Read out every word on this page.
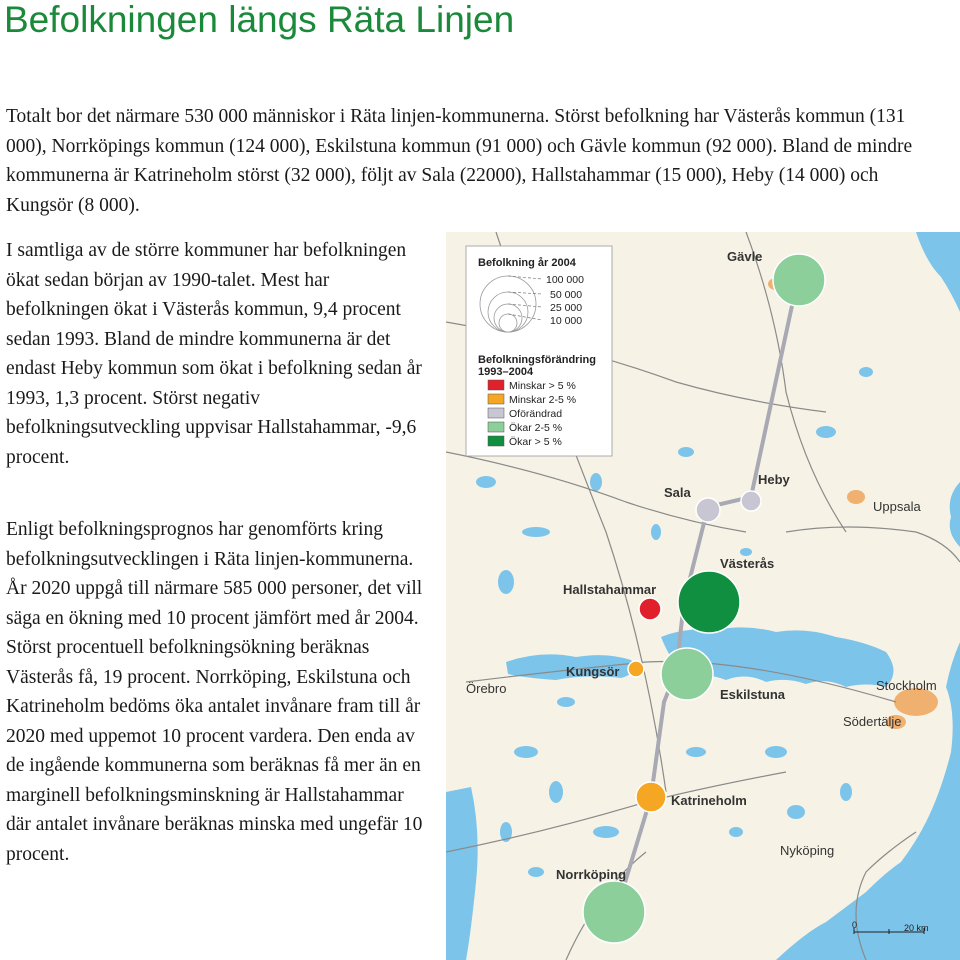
Befolkningen längs Räta Linjen
Totalt bor det närmare 530 000 människor i Räta linjen-kommunerna. Störst befolkning har Västerås kommun (131 000), Norrköpings kommun (124 000), Eskilstuna kommun (91 000) och Gävle kommun (92 000). Bland de mindre kommunerna är Katrineholm störst (32 000), följt av Sala (22000), Hallstahammar (15 000), Heby (14 000) och Kungsör (8 000).

I samtliga av de större kommuner har befolkningen ökat sedan början av 1990-talet. Mest har befolkningen ökat i Västerås kommun, 9,4 procent sedan 1993. Bland de mindre kommunerna är det endast Heby kommun som ökat i befolkning sedan år 1993, 1,3 procent. Störst negativ befolkningsutveckling uppvisar Hallstahammar, -9,6 procent.

Enligt befolkningsprognos har genomförts kring befolkningsutvecklingen i Räta linjen-kommunerna. År 2020 uppgå till närmare 585 000 personer, det vill säga en ökning med 10 procent jämfört med år 2004. Störst procentuell befolkningsökning beräknas Västerås få, 19 procent. Norrköping, Eskilstuna och Katrineholm bedöms öka antalet invånare fram till år 2020 med uppemot 10 procent vardera. Den enda av de ingående kommunerna som beräknas få mer än en marginell befolkningsminskning är Hallstahammar där antalet invånare beräknas minska med ungefär 10 procent.

Befolkning år 2004
100 000
50 000
25 000
10 000
Befolkningsförändring
1993–2004
Minskar > 5 %
Minskar 2-5 %
Oförändrad
Ökar 2-5 %
Ökar > 5 %
Gävle
Sala
Heby
Uppsala
Västerås
Hallstahammar
Kungsör
Örebro	Eskilstuna
Stockholm
Södertälje
Katrineholm
Nyköping
Norrköping
0	20 km
